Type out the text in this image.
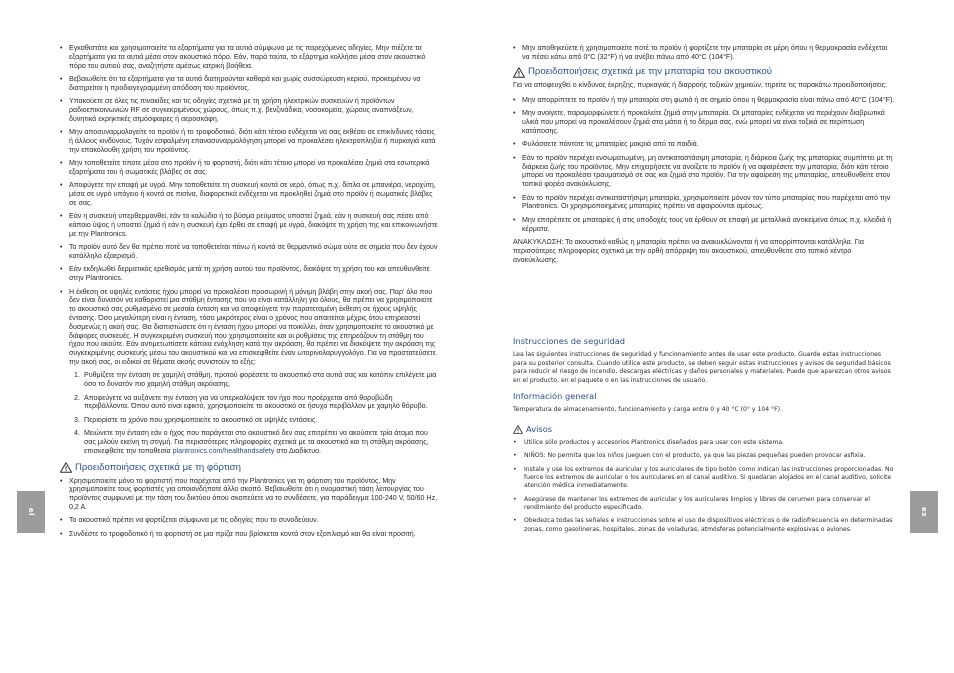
• Εγκαθιστάτε και χρησιμοποιείτε τα εξαρτήματα για τα αυτιά σύμφωνα με τις παρεχόμενες οδηγίες. Μην πιέζετε τα εξαρτήματα για τα αυτιά μέσα στον ακουστικό πόρο. Εάν, παρά ταύτα, το εξάρτημα κολλήσει μέσα στον ακουστικό πόρο του αυτιού σας, αναζητήστε αμέσως ιατρική βοήθεια.
• Βεβαιωθείτε ότι τα εξαρτήματα για τα αυτιά διατηρούνται καθαρά και χωρίς συσσώρευση κεριού, προκειμένου να διατηρείται η προδιαγεγραμμένη απόδοση του προϊόντος.
• Υπακούετε σε όλες τις πινακίδες και τις οδηγίες σχετικά με τη χρήση ηλεκτρικών συσκευών ή προϊόντων ραδιοεπικοινωνιών RF σε συγκεκριμένους χώρους, όπως π.χ. βενζινάδικα, νοσοκομεία, χώρους αναπνάξεων, δυνητικά εκρηκτικές ατμόσφαιρες ή αεροσκάφη.
• Μην αποσυναρμολογείτε το προϊόν ή το τροφοδοτικό, διότι κάτι τέτοιο ενδέχεται να σας εκθέσει σε επικίνδυνες τάσεις ή άλλους κινδύνους. Τυχόν εσφαλμένη επανασυναρμολόγηση μπορεί να προκαλέσει ηλεκτροπληξία ή πυρκαγιά κατά την επακόλουθη χρήση του προϊόντος.
• Μην τοποθετείτε τίποτε μέσα στο προϊόν ή το φορτιστή, διότι κάτι τέτοιο μπορεί να προκαλέσει ζημιά στα εσωτερικά εξαρτήματα του ή σωματικές βλάβες σε σας.
• Αποφύγετε την επαφή με υγρά. Μην τοποθετείτε τη συσκευή κοντά σε νερό, όπως π.χ. δίπλα σε μπανιέρα, νεροχύτη, μέσα σε υγρό υπόγειο ή κοντά σε πισίνα, διαφορετικά ενδέχεται να προκληθεί ζημιά στο προϊόν ή σωματικές βλάβες σε σας.
• Εάν η συσκευή υπερθερμανθεί, εάν το καλώδιο ή το βύσμα ρεύματος υποστεί ζημιά, εάν η συσκευή σας πέσει από κάποιο ύψος ή υποστεί ζημιά ή εάν η συσκευή έχει έρθει σε επαφή με υγρά, διακόψτε τη χρήση της και επικοινωνήστε με την Plantronics.
• Το προϊόν αυτό δεν θα πρέπει ποτέ να τοποθετείται πάνω ή κοντά σε θερμαντικό σώμα ούτε σε σημεία που δεν έχουν κατάλληλο εξαερισμό.
• Εάν εκδηλωθεί δερματικός ερεθισμός μετά τη χρήση αυτού του προϊόντος, διακόψτε τη χρήση του και απευθυνθείτε στην Plantronics.
• Η έκθεση σε υψηλές εντάσεις ήχου μπορεί να προκαλέσει προσωρινή ή μόνιμη βλάβη στην ακοή σας. Παρ' όλο που δεν είναι δυνατόν να καθοριστεί μια στάθμη έντασης που να είναι κατάλληλη για όλους, θα πρέπει να χρησιμοποιείτε το ακουστικό σας ρυθμισμένο σε μεσαία ένταση και να αποφεύγετε την παρατεταμένη έκθεση σε ήχους υψηλής έντασης. Όσο μεγαλύτερη είναι η ένταση, τόσο μικρότερος είναι ο χρόνος που απαιτείται μέχρις ότου επηρεαστεί δυσμενώς η ακοή σας. Θα διαπιστώσετε ότι η ένταση ήχου μπορεί να ποικίλλει, όταν χρησιμοποιείτε το ακουστικό με διάφορες συσκευές. Η συγκεκριμένη συσκευή που χρησιμοποιείτε και οι ρυθμίσεις της επηρεάζουν τη στάθμη του ήχου που ακούτε. Εάν αντιμετωπίσετε κάποια ενόχληση κατά την ακρόαση, θα πρέπει να διακόψετε την ακρόαση της συγκεκριμένης συσκευής μέσω του ακουστικού και να επισκεφθείτε έναν ωτορινολαρυγγολόγο. Για να προστατεύσετε την ακοή σας, οι ειδικοί σε θέματα ακοής συνιστούν τα εξής:
1. Ρυθμίζετε την ένταση σε χαμηλή στάθμη, προτού φορέσετε το ακουστικό στα αυτιά σας και κατόπιν επιλέγετε μια όσο το δυνατόν πιο χαμηλή στάθμη ακρόασης.
2. Αποφεύγετε να αυξάνετε την ένταση για να υπερκαλύψετε τον ήχο που προέρχεται από θορυβώδη περιβάλλοντα. Όπου αυτό είναι εφικτό, χρησιμοποιείτε το ακουστικό σε ήσυχο περιβάλλον με χαμηλό θόρυβο.
3. Περιορίστε το χρόνο που χρησιμοποιείτε το ακουστικό σε υψηλές εντάσεις.
4. Μειώνετε την ένταση εάν ο ήχος που παράγεται στο ακουστικό δεν σας επιτρέπει να ακούσετε τρία άτομα που σας μιλούν εκείνη τη στιγμή. Για περισσότερες πληροφορίες σχετικά με τα ακουστικά και τη στάθμη ακρόασης, επισκεφθείτε την τοποθεσία plantronics.com/healthandsafety στο Διαδίκτυο.
Προειδοποιήσεις σχετικά με τη φόρτιση
• Χρησιμοποιείτε μόνο το φορτιστή που παρέχεται από την Plantronics για τη φόρτιση του προϊόντος. Μην χρησιμοποιείτε τους φορτιστές για οποιονδήποτε άλλο σκοπό. Βεβαιωθείτε ότι η ονομαστική τάση λειτουργίας του προϊόντος συμφωνεί με την τάση του δικτύου όπου σκοπεύετε να το συνδέσετε, για παράδειγμα 100-240 V, 50/60 Hz, 0,2 A.
• Το ακουστικό πρέπει να φορτίζεται σύμφωνα με τις οδηγίες που το συνοδεύουν.
• Συνδέστε το τροφοδοτικό ή το φορτιστή σε μια πρίζα που βρίσκεται κοντά στον εξοπλισμό και θα είναι προσιτή.
• Μην αποθηκεύετε ή χρησιμοποιείτε ποτέ το προϊόν ή φορτίζετε την μπαταρία σε μέρη όπου η θερμοκρασία ενδέχεται να πέσει κάτω από 0°C (32°F) ή να ανέβει πάνω από 40°C (104°F).
Προειδοποιήσεις σχετικά με την μπαταρία του ακουστικού

Για να αποφευχθεί ο κίνδυνος έκρηξης, πυρκαγιάς ή διαρροής τοξικών χημικών, τηρείτε τις παρακάτω προειδοποιήσεις:

• Μην απορρίπτετε το προϊόν ή την μπαταρία στη φωτιά ή σε σημείο όπου η θερμοκρασία είναι πάνω από 40°C (104°F).
• Μην ανοίγετε, παραμορφώνετε ή προκαλείτε ζημιά στην μπαταρία. Οι μπαταρίες ενδέχεται να περιέχουν διαβρωτικά υλικά που μπορεί να προκαλέσουν ζημιά στα μάτια ή το δέρμα σας, ενώ μπορεί να είναι τοξικά σε περίπτωση κατάποσης.
• Φυλάσσετε πάντοτε τις μπαταρίες μακριά από τα παιδιά.
• Εάν το προϊόν περιέχει ενσωματωμένη, μη αντικαταστάσιμη μπαταρία, η διάρκεια ζωής της μπαταρίας συμπίπτει με τη διάρκεια ζωής του προϊόντος. Μην επιχειρήσετε να ανοίξετε το προϊόν ή να αφαιρέσετε την μπαταρία, διότι κάτι τέτοιο μπορεί να προκαλέσει τραυματισμό σε σας και ζημιά στο προϊόν. Για την αφαίρεση της μπαταρίας, απευθυνθείτε στον τοπικό φορέα ανακύκλωσης.
• Εάν το προϊόν περιέχει αντικαταστήσιμη μπαταρία, χρησιμοποιείτε μόνον τον τύπο μπαταρίας που παρέχεται από την Plantronics. Οι χρησιμοποιημένες μπαταρίες πρέπει να αφαιρούνται αμέσως.
• Μην επιτρέπετε σε μπαταρίες ή στις υποδοχές τους να έρθουν σε επαφή με μεταλλικά αντικείμενα όπως π.χ. κλειδιά ή κέρματα.

ΑΝΑΚΥΚΛΩΣΗ: Το ακουστικό καθώς η μπαταρία πρέπει να ανακυκλώνονται ή να απορρίπτονται κατάλληλα. Για περισσότερες πληροφορίες σχετικά με την ορθή απόρριψη του ακουστικού, απευθυνθείτε στο τοπικό κέντρο ανακύκλωσης.

Instrucciones de seguridad

Lea las siguientes instrucciones de seguridad y funcionamiento antes de usar este producto. Guarde estas instrucciones para su posterior consulta. Cuando utilice este producto, se deben seguir estas instrucciones y avisos de seguridad básicos para reducir el riesgo de incendio, descargas eléctricas y daños personales y materiales. Puede que aparezcan otros avisos en el producto, en el paquete o en las instrucciones de usuario.

Información general

Temperatura de almacenamiento, funcionamiento y carga entre 0 y 40 °C (0° y 104 °F).

Avisos
• Utilice sólo productos y accesorios Plantronics diseñados para usar con este sistema.
• NIÑOS: No permita que los niños jueguen con el producto, ya que las piezas pequeñas pueden provocar asfixia.
• Instale y use los extremos de auricular y los auriculares de tipo botón como indican las instrucciones proporcionadas. No fuerce los extremos de auricular o los auriculares en el canal auditivo. Si quedaran alojados en el canal auditivo, solicite atención médica inmediatamente.
• Asegúrese de mantener los extremos de auricular y los auriculares limpios y libres de cerumen para conservar el rendimiento del producto especificado.
• Obedezca todas las señales e instrucciones sobre el uso de dispositivos eléctricos o de radiofrecuencia en determinadas zonas, como gasolineras, hospitales, zonas de voladuras, atmósferas potencialmente explosivas o aviones.
el	es
